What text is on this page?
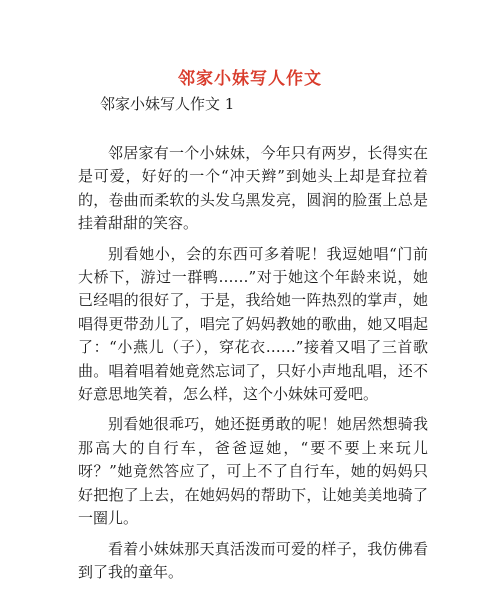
邻家小妹写人作文
邻家小妹写人作文 1

邻居家有一个小妹妹，今年只有两岁，长得实在是可爱，好好的一个“冲天辫”到她头上却是耷拉着的，卷曲而柔软的头发乌黑发亮，圆润的脸蛋上总是挂着甜甜的笑容。

别看她小，会的东西可多着呢！我逗她唱“门前大桥下，游过一群鸭……”对于她这个年龄来说，她已经唱的很好了，于是，我给她一阵热烈的掌声，她唱得更带劲儿了，唱完了妈妈教她的歌曲，她又唱起了：“小燕儿（子），穿花衣……”接着又唱了三首歌曲。唱着唱着她竟然忘词了，只好小声地乱唱，还不好意思地笑着，怎么样，这个小妹妹可爱吧。

别看她很乖巧，她还挺勇敢的呢！她居然想骑我那高大的自行车，爸爸逗她，“要不要上来玩儿呀？”她竟然答应了，可上不了自行车，她的妈妈只好把抱了上去，在她妈妈的帮助下，让她美美地骑了一圈儿。

看着小妹妹那天真活泼而可爱的样子，我仿佛看到了我的童年。
